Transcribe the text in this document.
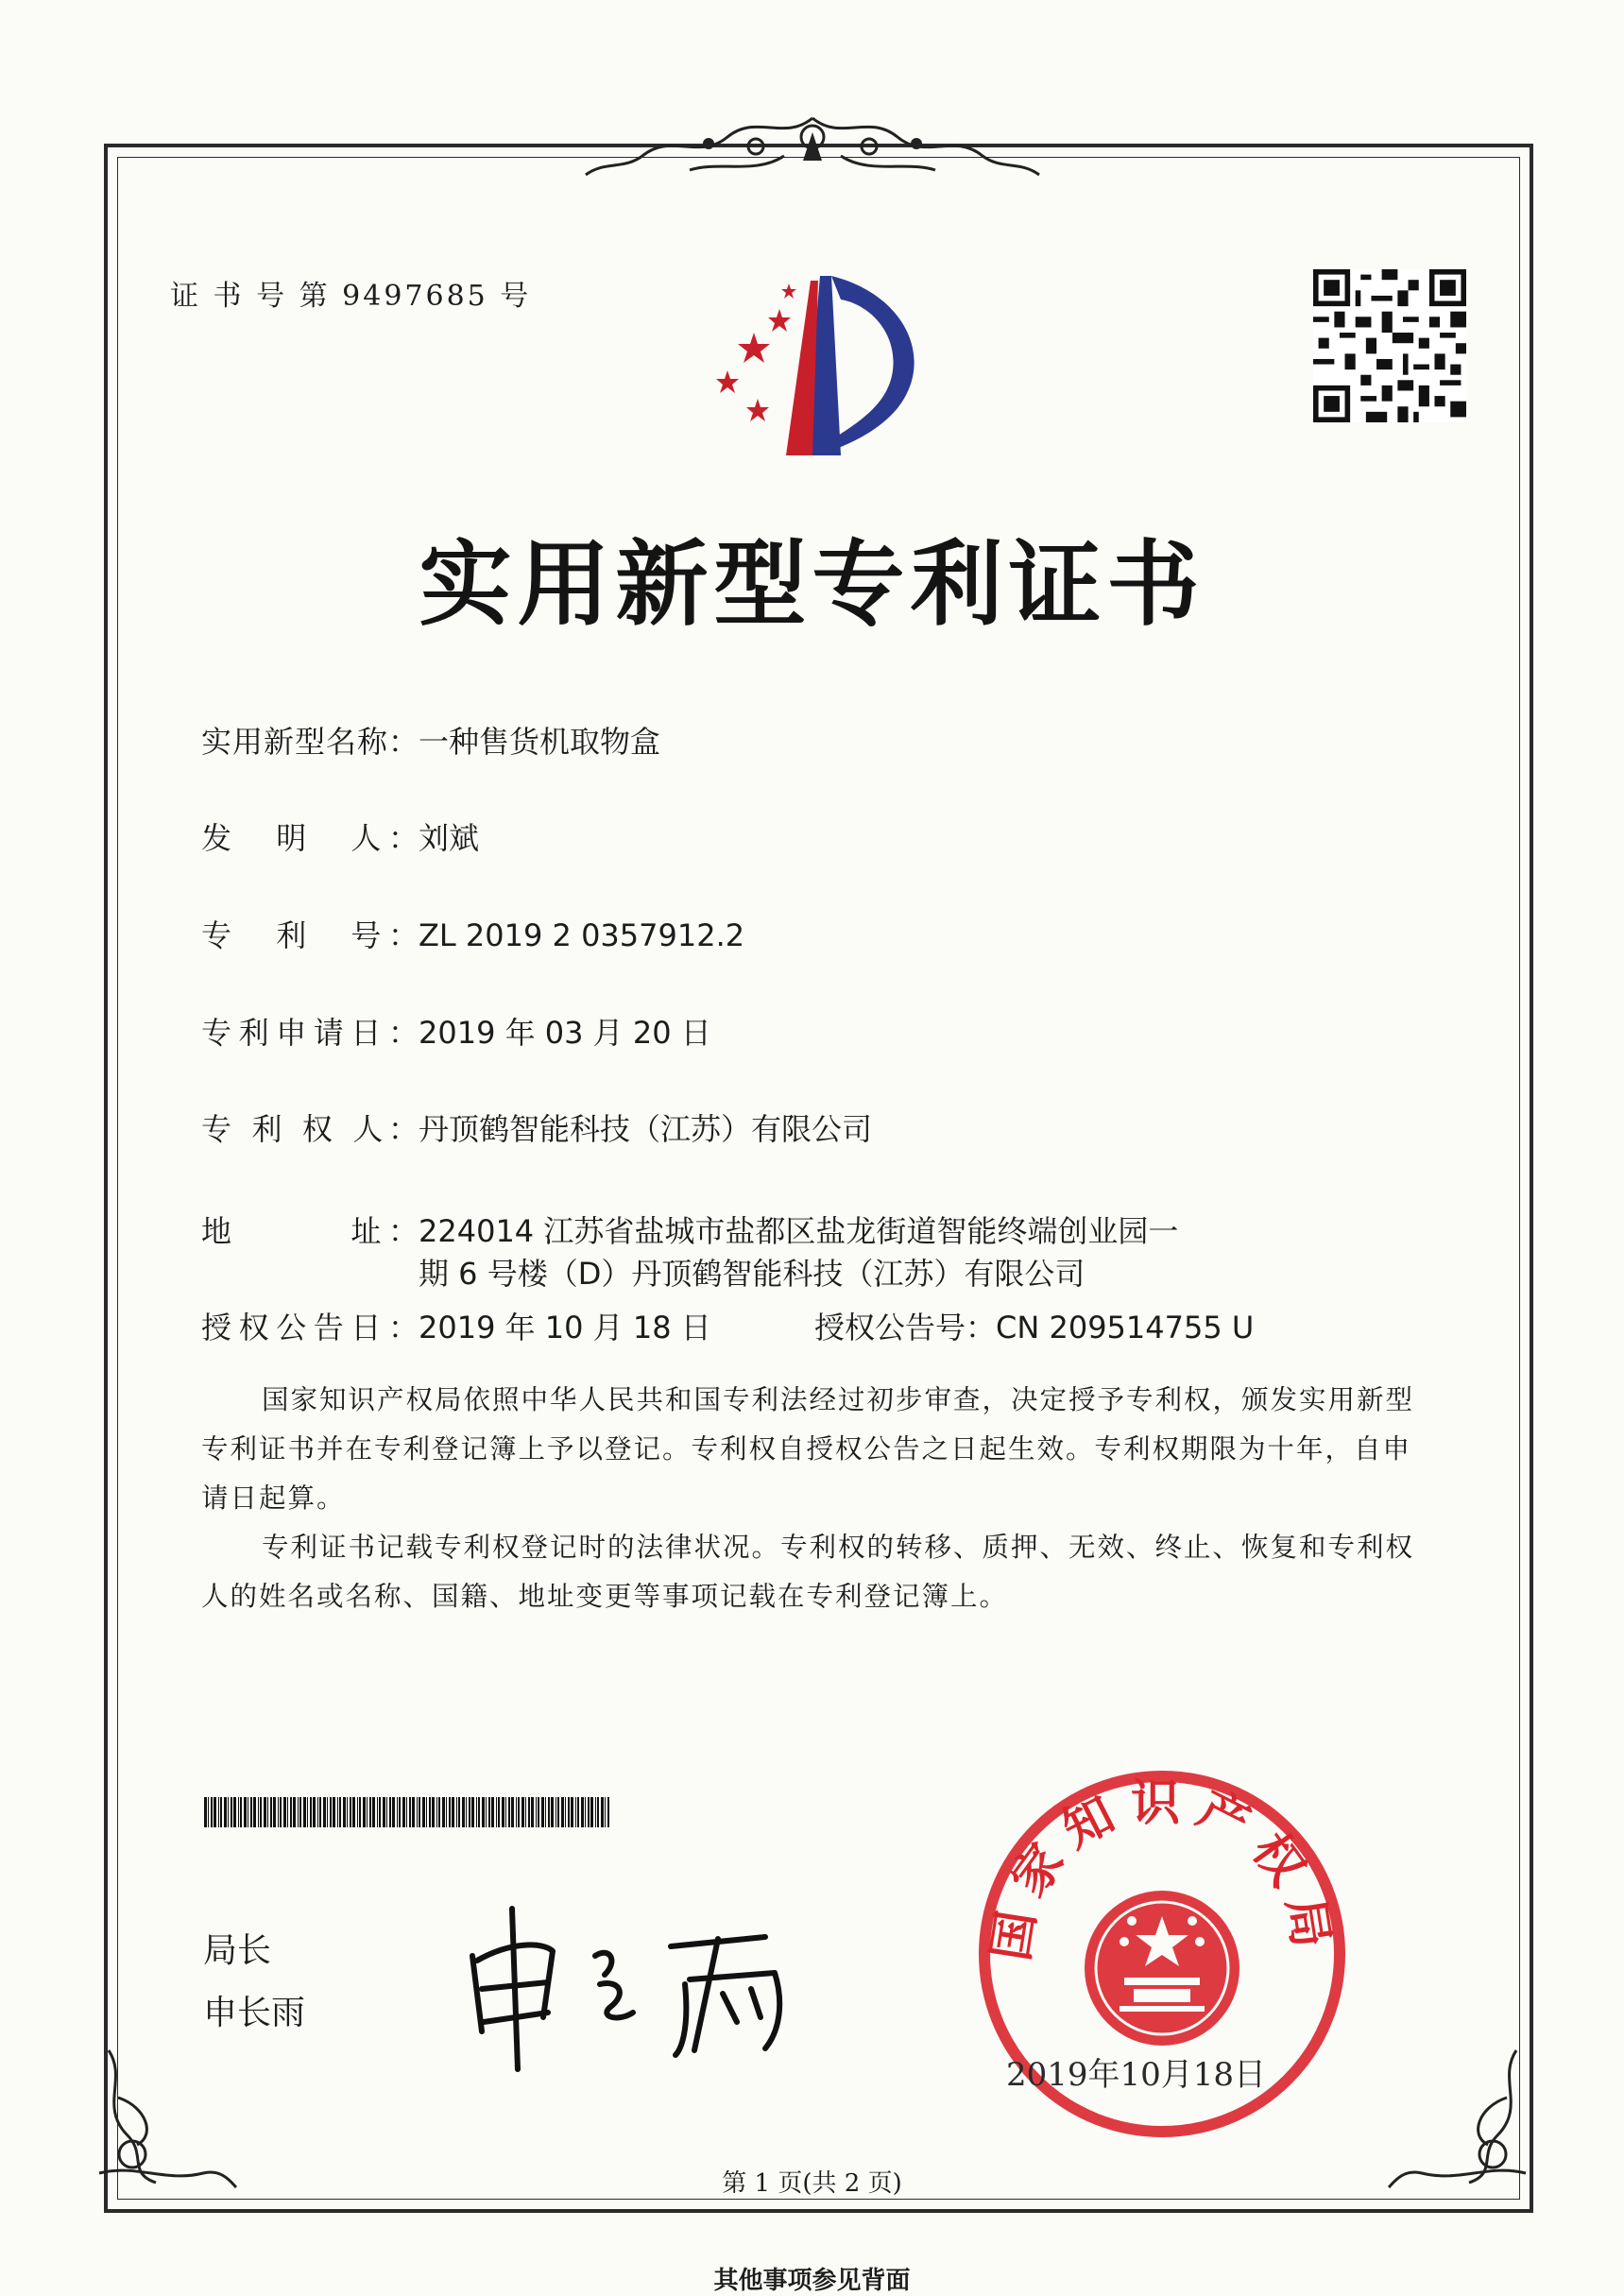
证 书 号 第 9497685 号
实用新型专利证书
实用新型名称：一种售货机取物盒
发　明　人：刘斌
专　利　号：ZL 2019 2 0357912.2
专利申请日：2019 年 03 月 20 日
专 利 权 人：丹顶鹤智能科技（江苏）有限公司
地　　　址：224014 江苏省盐城市盐都区盐龙街道智能终端创业园一
期 6 号楼（D）丹顶鹤智能科技（江苏）有限公司
授权公告日：2019 年 10 月 18 日	授权公告号：CN 209514755 U
国家知识产权局依照中华人民共和国专利法经过初步审查，决定授予专利权，颁发实用新型专利证书并在专利登记簿上予以登记。专利权自授权公告之日起生效。专利权期限为十年，自申请日起算。
专利证书记载专利权登记时的法律状况。专利权的转移、质押、无效、终止、恢复和专利权人的姓名或名称、国籍、地址变更等事项记载在专利登记簿上。
局长
申长雨
国家知识产权局
2019年10月18日
第 1 页(共 2 页)
其他事项参见背面
